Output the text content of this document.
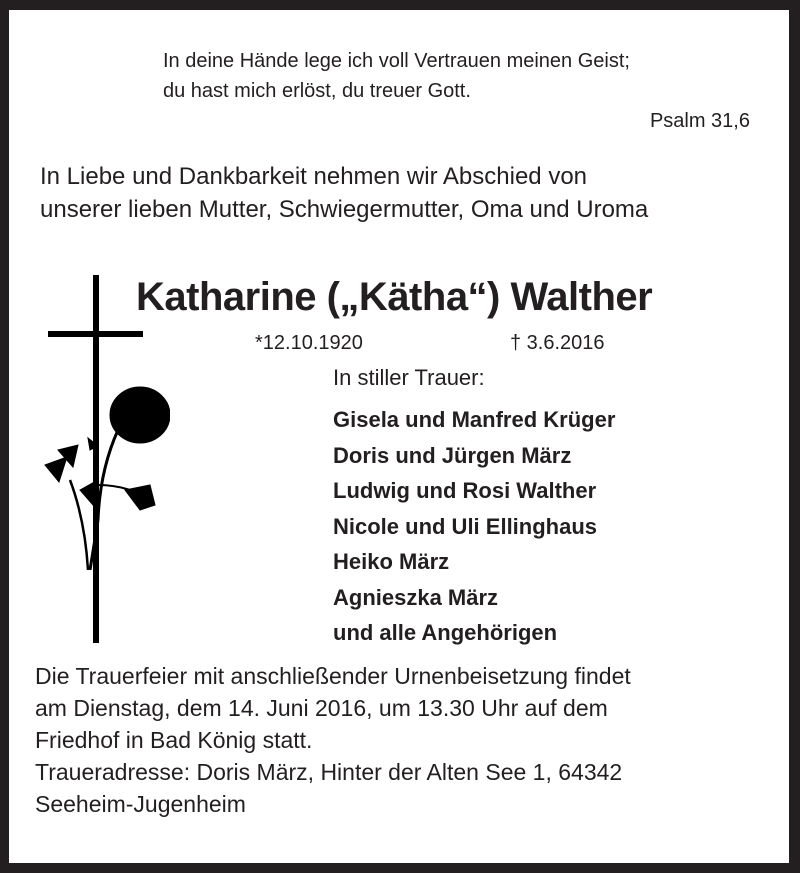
In deine Hände lege ich voll Vertrauen meinen Geist;
du hast mich erlöst, du treuer Gott.
Psalm 31,6
In Liebe und Dankbarkeit nehmen wir Abschied von
unserer lieben Mutter, Schwiegermutter, Oma und Uroma
Katharine („Kätha“) Walther
*12.10.1920	† 3.6.2016
In stiller Trauer:
Gisela und Manfred Krüger
Doris und Jürgen März
Ludwig und Rosi Walther
Nicole und Uli Ellinghaus
Heiko März
Agnieszka März
und alle Angehörigen
Die Trauerfeier mit anschließender Urnenbeisetzung findet
am Dienstag, dem 14. Juni 2016, um 13.30 Uhr auf dem
Friedhof in Bad König statt.
Traueradresse: Doris März, Hinter der Alten See 1, 64342
Seeheim-Jugenheim
